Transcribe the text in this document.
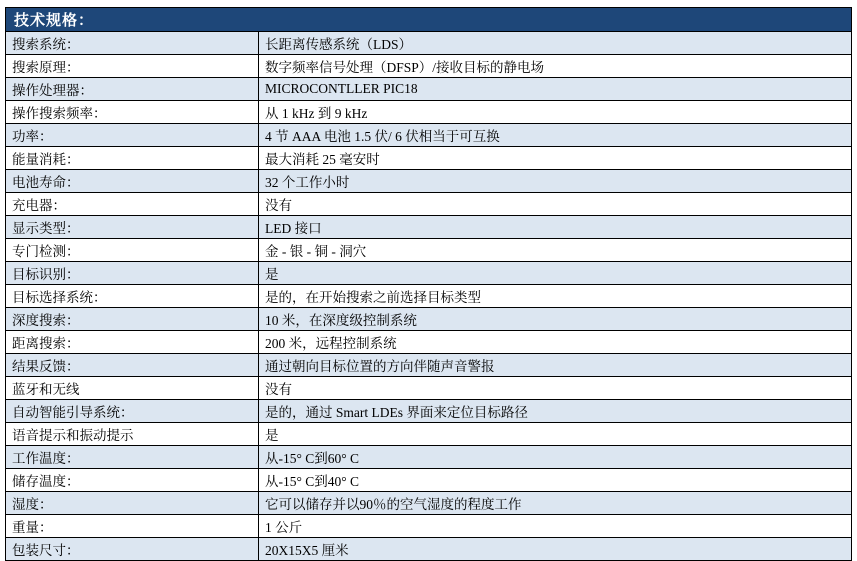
技术规格：	
搜索系统：	长距离传感系统（LDS）
搜索原理：	数字频率信号处理（DFSP）/接收目标的静电场
操作处理器：	MICROCONTLLER PIC18
操作搜索频率：	从 1 kHz 到 9 kHz
功率：	4 节 AAA 电池 1.5 伏/ 6 伏相当于可互换
能量消耗：	最大消耗 25 毫安时
电池寿命：	32 个工作小时
充电器：	没有
显示类型：	LED 接口
专门检测：	金 - 银 - 铜 - 洞穴
目标识别：	是
目标选择系统：	是的，在开始搜索之前选择目标类型
深度搜索：	10 米，在深度级控制系统
距离搜索：	200 米，远程控制系统
结果反馈：	通过朝向目标位置的方向伴随声音警报
蓝牙和无线	没有
自动智能引导系统：	是的，通过 Smart LDEs 界面来定位目标路径
语音提示和振动提示	是
工作温度：	从-15° C到60° C
储存温度：	从-15° C到40° C
湿度：	它可以储存并以90％的空气湿度的程度工作
重量：	1 公斤
包装尺寸：	20X15X5 厘米
